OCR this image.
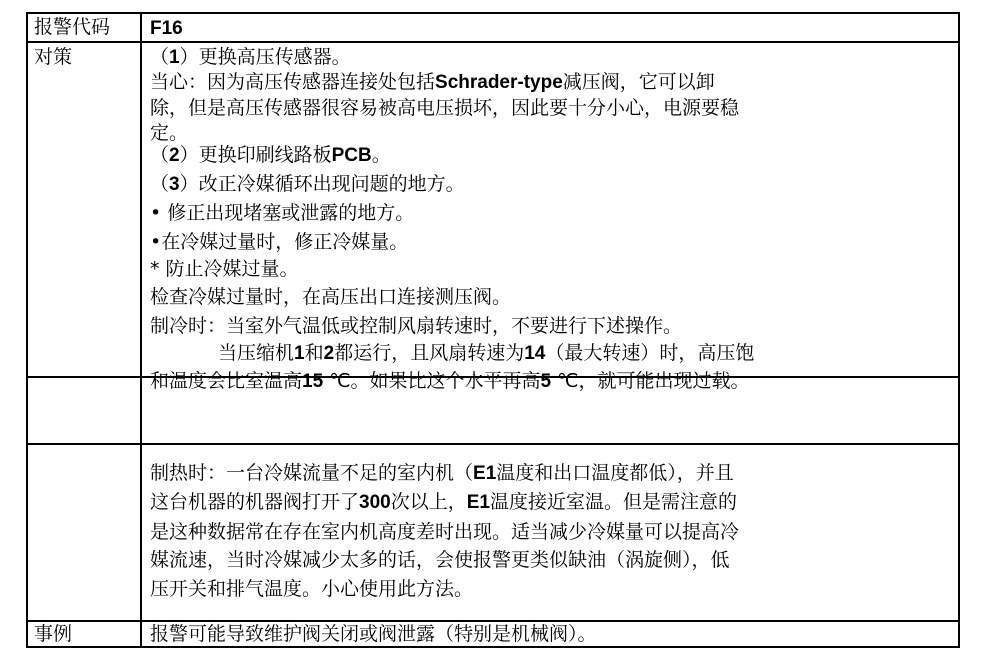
报警代码 F16
对策	（1）更换高压传感器。
当心：因为高压传感器连接处包括Schrader-type减压阀，它可以卸
除，但是高压传感器很容易被高电压损坏，因此要十分小心，电源要稳
定。
（2）更换印刷线路板PCB。
（3）改正冷媒循环出现问题的地方。
• 修正出现堵塞或泄露的地方。
•在冷媒过量时，修正冷媒量。
* 防止冷媒过量。
检查冷媒过量时，在高压出口连接测压阀。
制冷时：当室外气温低或控制风扇转速时，不要进行下述操作。
当压缩机1和2都运行，且风扇转速为14（最大转速）时，高压饱
和温度会比室温高15 ℃。如果比这个水平再高5 ℃，就可能出现过载。
制热时：一台冷媒流量不足的室内机（E1温度和出口温度都低），并且
这台机器的机器阀打开了300次以上，E1温度接近室温。但是需注意的
是这种数据常在存在室内机高度差时出现。适当减少冷媒量可以提高冷
媒流速，当时冷媒减少太多的话，会使报警更类似缺油（涡旋侧），低
压开关和排气温度。小心使用此方法。
事例	报警可能导致维护阀关闭或阀泄露（特别是机械阀）。
